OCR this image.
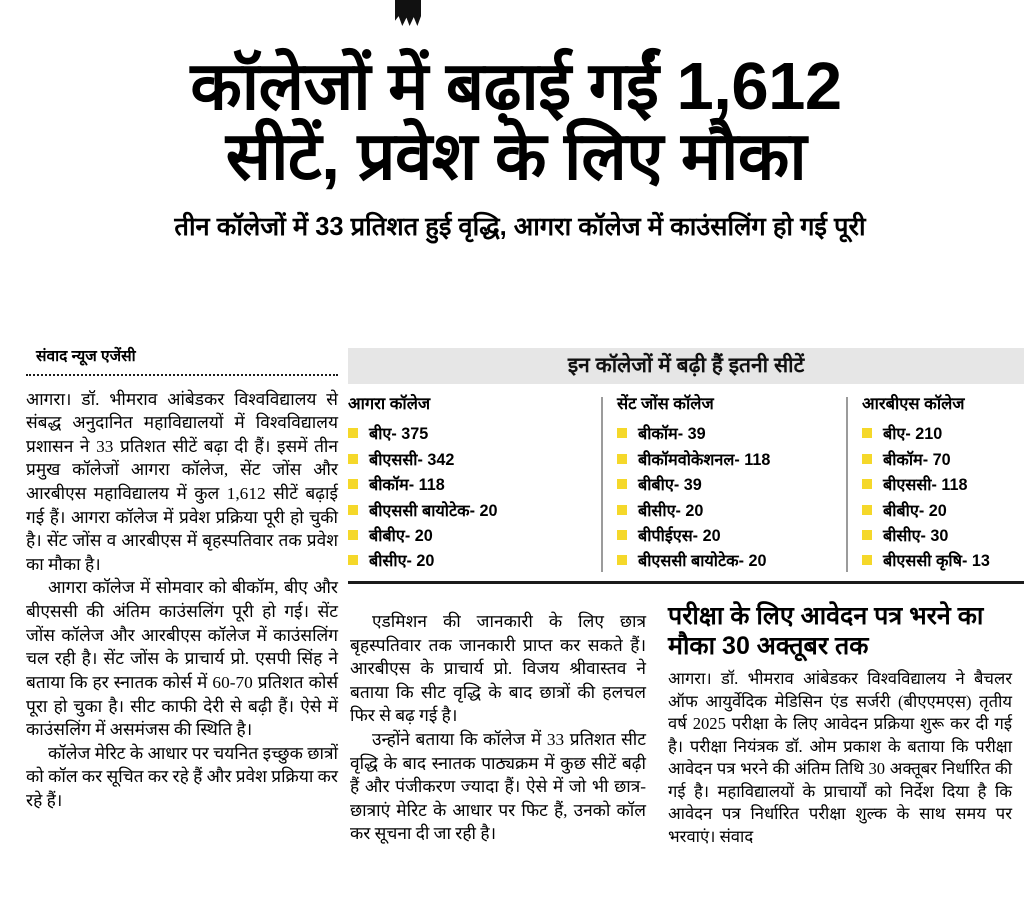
कॉलेजों में बढ़ाई गईं 1,612
सीटें, प्रवेश के लिए मौका
तीन कॉलेजों में 33 प्रतिशत हुई वृद्धि, आगरा कॉलेज में काउंसलिंग हो गई पूरी
संवाद न्यूज एजेंसी

आगरा। डॉ. भीमराव आंबेडकर विश्वविद्यालय से संबद्ध अनुदानित महाविद्यालयों में विश्वविद्यालय प्रशासन ने 33 प्रतिशत सीटें बढ़ा दी हैं। इसमें तीन प्रमुख कॉलेजों आगरा कॉलेज, सेंट जोंस और आरबीएस महाविद्यालय में कुल 1,612 सीटें बढ़ाई गई हैं। आगरा कॉलेज में प्रवेश प्रक्रिया पूरी हो चुकी है। सेंट जोंस व आरबीएस में बृहस्पतिवार तक प्रवेश का मौका है।

आगरा कॉलेज में सोमवार को बीकॉम, बीए और बीएससी की अंतिम काउंसलिंग पूरी हो गई। सेंट जोंस कॉलेज और आरबीएस कॉलेज में काउंसलिंग चल रही है। सेंट जोंस के प्राचार्य प्रो. एसपी सिंह ने बताया कि हर स्नातक कोर्स में 60-70 प्रतिशत कोर्स पूरा हो चुका है। सीट काफी देरी से बढ़ी हैं। ऐसे में काउंसलिंग में असमंजस की स्थिति है।

कॉलेज मेरिट के आधार पर चयनित इच्छुक छात्रों को कॉल कर सूचित कर रहे हैं और प्रवेश प्रक्रिया कर रहे हैं।

इन कॉलेजों में बढ़ी हैं इतनी सीटें
आगरा कॉलेज
बीए-
375
बीएससी-
342
बीकॉम-
118
बीएससी बायोटेक-
20
बीबीए-
20
बीसीए-
20
सेंट जोंस कॉलेज
बीकॉम-
39
बीकॉमवोकेशनल-
118
बीबीए-
39
बीसीए-
20
बीपीईएस-
20
बीएससी बायोटेक-
20
आरबीएस कॉलेज
बीए-
210
बीकॉम-
70
बीएससी-
118
बीबीए-
20
बीसीए-
30
बीएससी कृषि-
13

एडमिशन की जानकारी के लिए छात्र बृहस्पतिवार तक जानकारी प्राप्त कर सकते हैं। आरबीएस के प्राचार्य प्रो. विजय श्रीवास्तव ने बताया कि सीट वृद्धि के बाद छात्रों की हलचल फिर से बढ़ गई है।

उन्होंने बताया कि कॉलेज में 33 प्रतिशत सीट वृद्धि के बाद स्नातक पाठ्यक्रम में कुछ सीटें बढ़ी हैं और पंजीकरण ज्यादा हैं। ऐसे में जो भी छात्र-छात्राएं मेरिट के आधार पर फिट हैं, उनको कॉल कर सूचना दी जा रही है।

परीक्षा के लिए आवेदन पत्र भरने का मौका 30 अक्तूबर तक

आगरा। डॉ. भीमराव आंबेडकर विश्वविद्यालय ने बैचलर ऑफ आयुर्वेदिक मेडिसिन एंड सर्जरी (बीएएमएस) तृतीय वर्ष 2025 परीक्षा के लिए आवेदन प्रक्रिया शुरू कर दी गई है। परीक्षा नियंत्रक डॉ. ओम प्रकाश के बताया कि परीक्षा आवेदन पत्र भरने की अंतिम तिथि 30 अक्तूबर निर्धारित की गई है। महाविद्यालयों के प्राचार्यों को निर्देश दिया है कि आवेदन पत्र निर्धारित परीक्षा शुल्क के साथ समय पर भरवाएं। संवाद
